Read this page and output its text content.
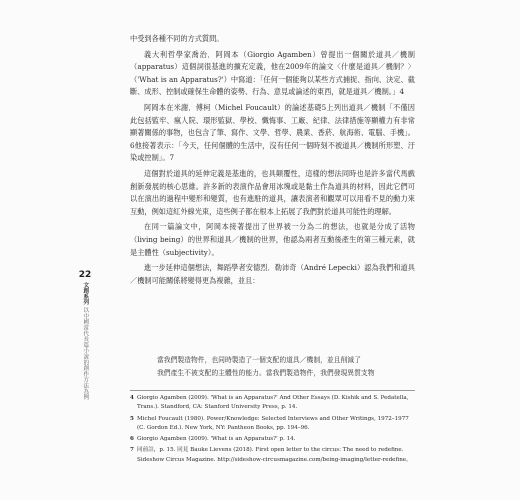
22
文創系列 以中國當代長篇小說的創作方法為例

中受到各種不同的方式質問。

義大利哲學家喬治．阿岡本（Giorgio Agamben）曾提出一個關於道具／機制（apparatus）這個詞很基進的擴充定義，他在2009年的論文〈什麼是道具／機制？〉（'What is an Apparatus?'）中寫道：「任何一個能夠以某些方式捕捉、指向、決定、截斷、成形、控制或確保生命體的姿勢、行為、意見或論述的東西，就是道具／機制。」4

阿岡本在米謝．傅柯（Michel Foucault）的論述基礎5上列出道具／機制「不僅因此包括監牢、瘋人院、環形監獄、學校、懺悔事、工廠、紀律、法律措施等顯權力有非常顯著關係的事物，也包含了筆、寫作、文學、哲學、農業、香菸、航海術、電腦、手機」。6他接著表示：「今天，任何個體的生活中，沒有任何一個時刻不被道具／機制所形塑、汙染或控制」。7

這個對於道具的延伸定義是基進的，也具顛覆性，這樣的想法同時也是許多當代馬戲創新發展的核心思維。許多新的表演作品會用冰塊或是黏土作為道具的材料，因此它們可以在演出的過程中變形和變質，也有進駐的道具，讓表演者和觀眾可以用看不見的動力來互動，例如這紅外線光束，這些例子都在根本上拓展了我們對於道具可能性的理解。

在同一篇論文中，阿岡本接著提出了世界被一分為二的想法，也就是分成了活物（living being）的世界和道具／機制的世界，他認為兩者互動後產生的第三種元素，就是主體性（subjectivity）。

進一步延伸這個想法，舞蹈學者安德烈．勒沛奇（André Lepecki）認為我們和道具／機制可能關係將變得更為複雜，並且：

當我們製造物件，也同時製造了一個支配的道具／機制，並且削減了

我們產生不被支配的主體性的能力。當我們製造物件，我們發現異質支物

4 Giorgio Agamben (2009). 'What is an Apparatus?' And Other Essays (D. Kishik and S. Pedatella, Trans.). Standford, CA: Stanford University Press, p. 14.
5 Michel Foucault (1980). Power/Knowledge: Selected Interviews and Other Writings, 1972–1977 (C. Gordon Ed.). New York, NY: Pantheon Books, pp. 194–96.
6 Giorgio Agamben (2009). 'What is an Apparatus?' p. 14.
7 同前註，p. 15. 同見 Bauke Lievens (2018). First open letter to the circus: The need to redefine. Sideshow Circus Magazine. http://sideshow-circusmagazine.com/being-imaging/letter-redefine。
